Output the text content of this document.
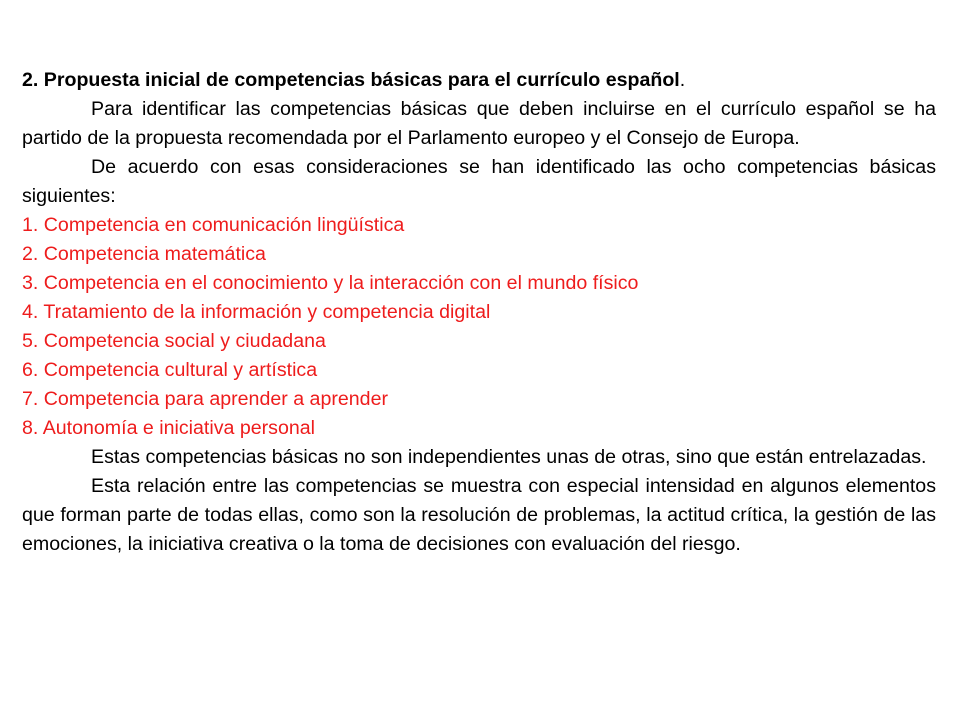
2. Propuesta inicial de competencias básicas para el currículo español.

Para identificar las competencias básicas que deben incluirse en el currículo español se ha partido de la propuesta recomendada por el Parlamento europeo y el Consejo de Europa.

De acuerdo con esas consideraciones se han identificado las ocho competencias básicas siguientes:

1. Competencia en comunicación lingüística
2. Competencia matemática
3. Competencia en el conocimiento y la interacción con el mundo físico
4. Tratamiento de la información y competencia digital
5. Competencia social y ciudadana
6. Competencia cultural y artística
7. Competencia para aprender a aprender
8. Autonomía e iniciativa personal

Estas competencias básicas no son independientes unas de otras, sino que están entrelazadas.

Esta relación entre las competencias se muestra con especial intensidad en algunos elementos que forman parte de todas ellas, como son la resolución de problemas, la actitud crítica, la gestión de las emociones, la iniciativa creativa o la toma de decisiones con evaluación del riesgo.
